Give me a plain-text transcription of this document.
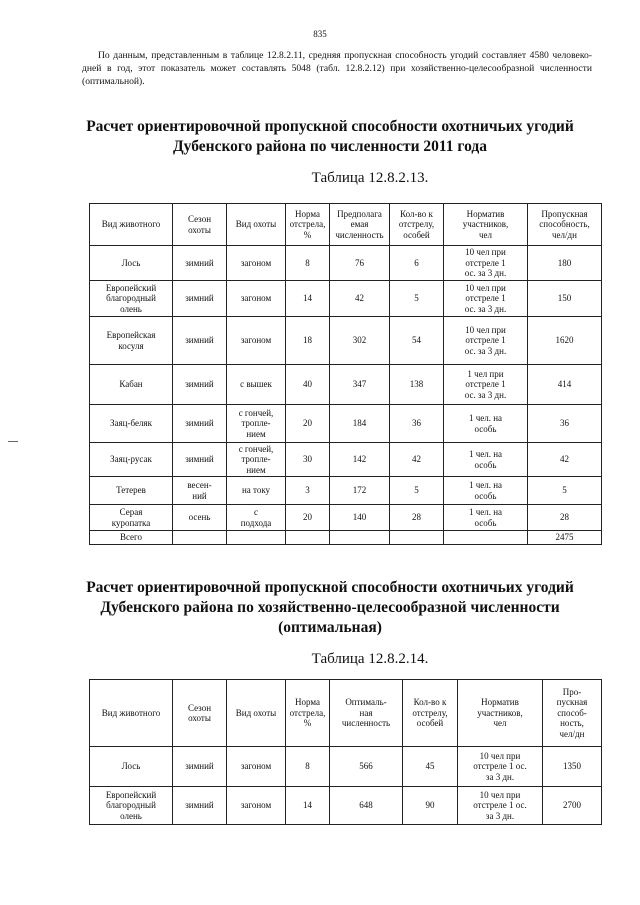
835
По данным, представленным в таблице 12.8.2.11, средняя пропускная способность угодий составляет 4580 человеко-дней в год, этот показатель может составлять 5048 (табл. 12.8.2.12) при хозяйственно-целесообразной численности (оптимальной).
Расчет ориентировочной пропускной способности охотничьих угодий
Дубенского района по численности 2011 года
Таблица 12.8.2.13.
Вид животного	Сезон
охоты	Вид охоты	Норма
отстрела,
%	Предполага
емая
численность	Кол-во к
отстрелу,
особей	Норматив
участников,
чел	Пропускная
способность,
чел/дн
Лось	зимний	загоном	8	76	6	10 чел при
отстреле 1
ос. за 3 дн.	180
Европейский
благородный
олень	зимний	загоном	14	42	5	10 чел при
отстреле 1
ос. за 3 дн.	150
Европейская
косуля	зимний	загоном	18	302	54	10 чел при
отстреле 1
ос. за 3 дн.	1620
Кабан	зимний	с вышек	40	347	138	1 чел при
отстреле 1
ос. за 3 дн.	414
Заяц-беляк	зимний	с гончей,
тропле-
нием	20	184	36	1 чел. на
особь	36
Заяц-русак	зимний	с гончей,
тропле-
нием	30	142	42	1 чел. на
особь	42
Тетерев	весен-
ний	на току	3	172	5	1 чел. на
особь	5
Серая
куропатка	осень	с
подхода	20	140	28	1 чел. на
особь	28
Всего							2475
Расчет ориентировочной пропускной способности охотничьих угодий
Дубенского района по хозяйственно-целесообразной численности
(оптимальная)
Таблица 12.8.2.14.
Вид животного	Сезон
охоты	Вид охоты	Норма
отстрела,
%	Оптималь-
ная
численность	Кол-во к
отстрелу,
особей	Норматив
участников,
чел	Про-
пускная
способ-
ность,
чел/дн
Лось	зимний	загоном	8	566	45	10 чел при
отстреле 1 ос.
за 3 дн.	1350
Европейский
благородный
олень	зимний	загоном	14	648	90	10 чел при
отстреле 1 ос.
за 3 дн.	2700
